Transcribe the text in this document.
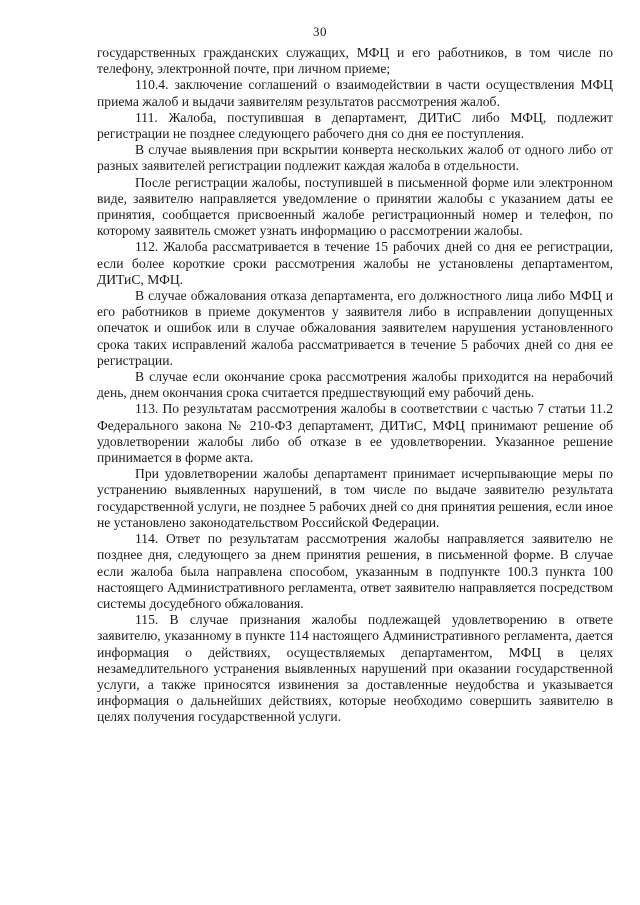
30

государственных гражданских служащих, МФЦ и его работников, в том числе по телефону, электронной почте, при личном приеме;

110.4. заключение соглашений о взаимодействии в части осуществления МФЦ приема жалоб и выдачи заявителям результатов рассмотрения жалоб.

111. Жалоба, поступившая в департамент, ДИТиС либо МФЦ, подлежит регистрации не позднее следующего рабочего дня со дня ее поступления.

В случае выявления при вскрытии конверта нескольких жалоб от одного либо от разных заявителей регистрации подлежит каждая жалоба в отдельности.

После регистрации жалобы, поступившей в письменной форме или электронном виде, заявителю направляется уведомление о принятии жалобы с указанием даты ее принятия, сообщается присвоенный жалобе регистрационный номер и телефон, по которому заявитель сможет узнать информацию о рассмотрении жалобы.

112. Жалоба рассматривается в течение 15 рабочих дней со дня ее регистрации, если более короткие сроки рассмотрения жалобы не установлены департаментом, ДИТиС, МФЦ.

В случае обжалования отказа департамента, его должностного лица либо МФЦ и его работников в приеме документов у заявителя либо в исправлении допущенных опечаток и ошибок или в случае обжалования заявителем нарушения установленного срока таких исправлений жалоба рассматривается в течение 5 рабочих дней со дня ее регистрации.

В случае если окончание срока рассмотрения жалобы приходится на нерабочий день, днем окончания срока считается предшествующий ему рабочий день.

113. По результатам рассмотрения жалобы в соответствии с частью 7 статьи 11.2 Федерального закона № 210-ФЗ департамент, ДИТиС, МФЦ принимают решение об удовлетворении жалобы либо об отказе в ее удовлетворении. Указанное решение принимается в форме акта.

При удовлетворении жалобы департамент принимает исчерпывающие меры по устранению выявленных нарушений, в том числе по выдаче заявителю результата государственной услуги, не позднее 5 рабочих дней со дня принятия решения, если иное не установлено законодательством Российской Федерации.

114. Ответ по результатам рассмотрения жалобы направляется заявителю не позднее дня, следующего за днем принятия решения, в письменной форме. В случае если жалоба была направлена способом, указанным в подпункте 100.3 пункта 100 настоящего Административного регламента, ответ заявителю направляется посредством системы досудебного обжалования.

115. В случае признания жалобы подлежащей удовлетворению в ответе заявителю, указанному в пункте 114 настоящего Административного регламента, дается информация о действиях, осуществляемых департаментом, МФЦ в целях незамедлительного устранения выявленных нарушений при оказании государственной услуги, а также приносятся извинения за доставленные неудобства и указывается информация о дальнейших действиях, которые необходимо совершить заявителю в целях получения государственной услуги.
